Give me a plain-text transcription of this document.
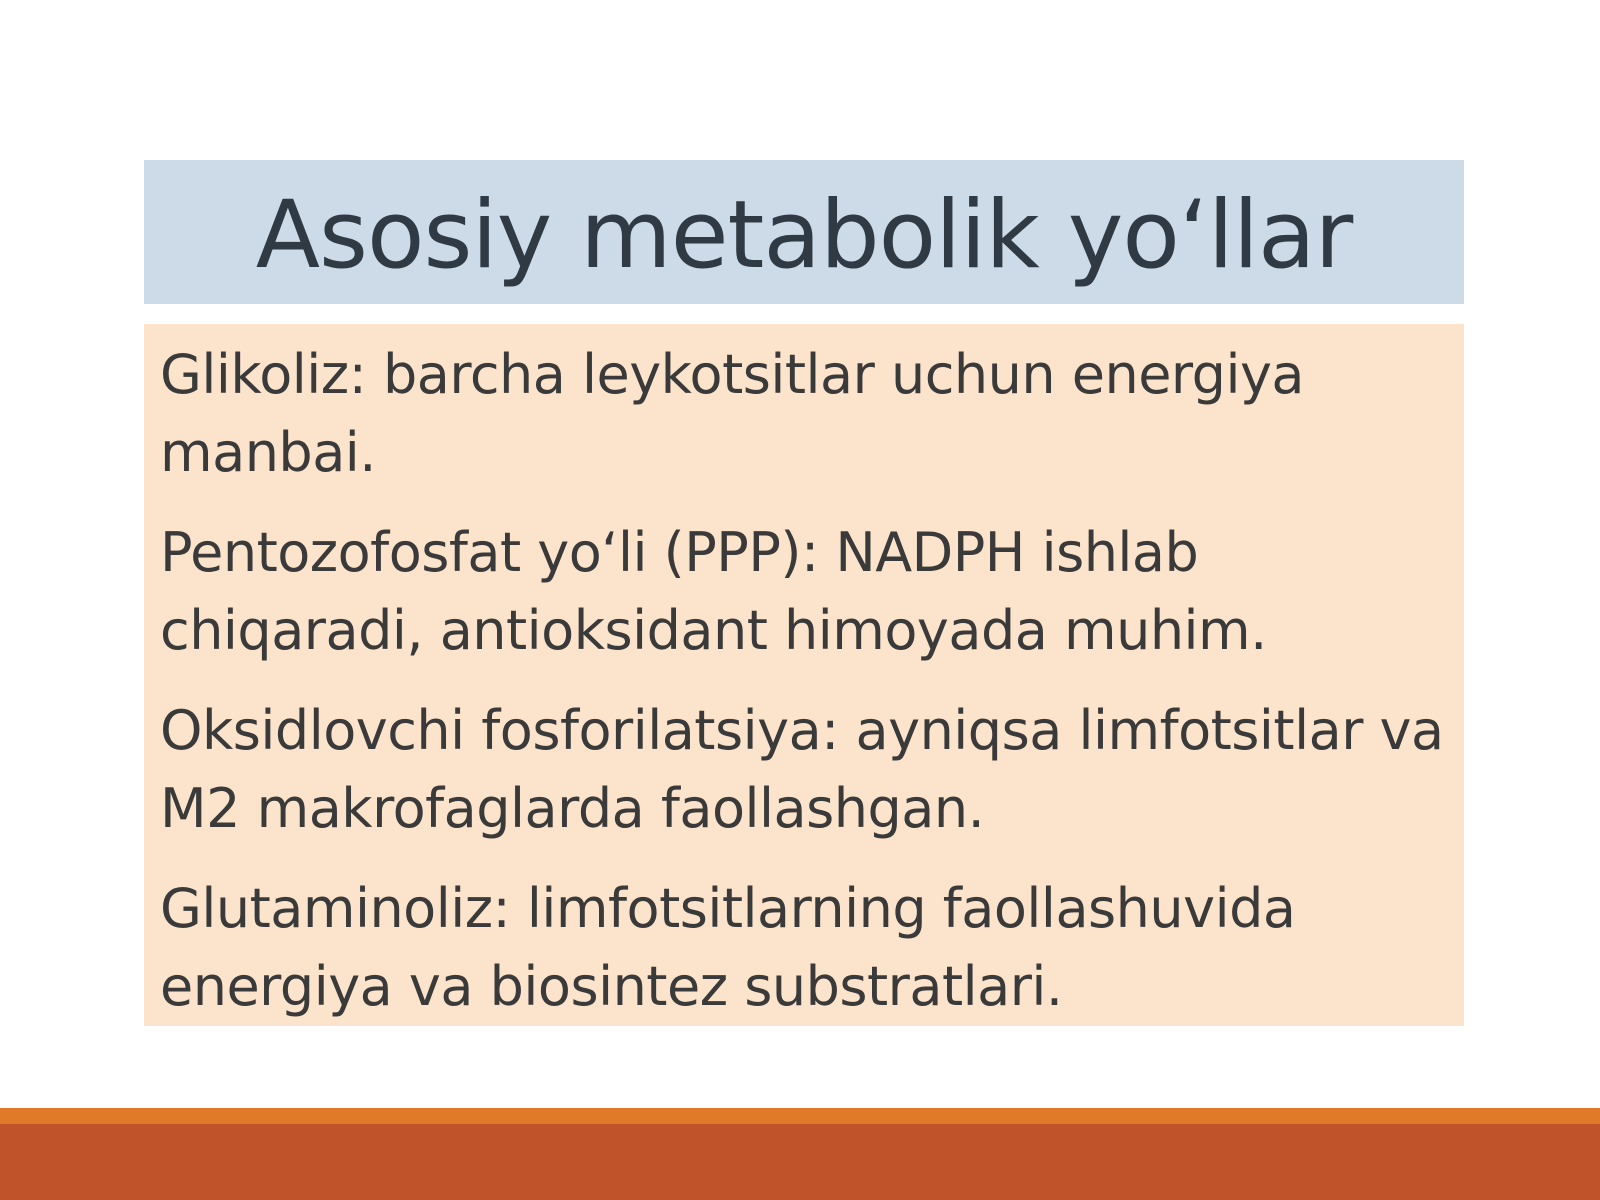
Asosiy metabolik yo‘llar
Glikoliz: barcha leykotsitlar uchun energiya manbai.
Pentozofosfat yo‘li (PPP): NADPH ishlab chiqaradi, antioksidant himoyada muhim.
Oksidlovchi fosforilatsiya: ayniqsa limfotsitlar va M2 makrofaglarda faollashgan.
Glutaminoliz: limfotsitlarning faollashuvida energiya va biosintez substratlari.
